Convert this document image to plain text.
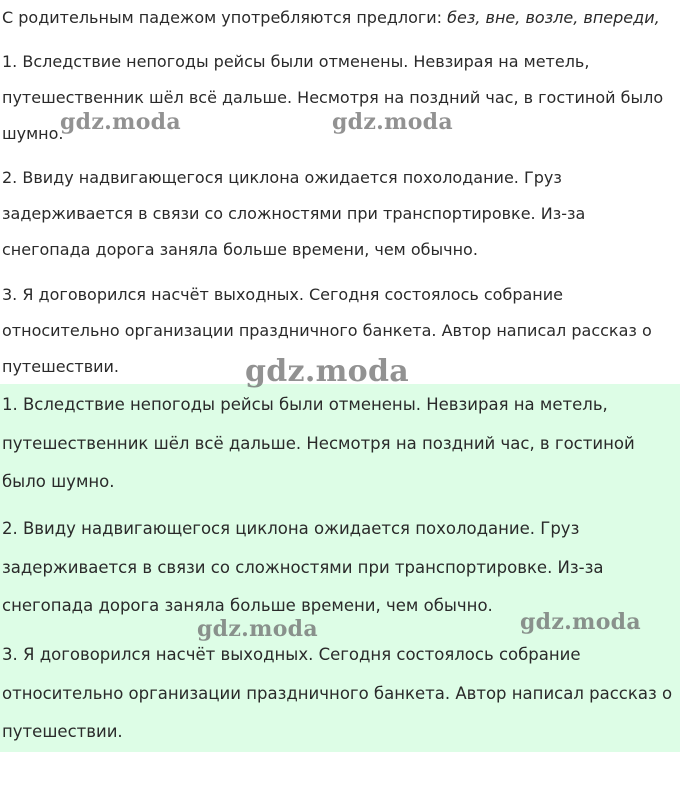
С родительным падежом употребляются предлоги: без, вне, возле, впереди,

1. Вследствие непогоды рейсы были отменены. Невзирая на метель, путешественник шёл всё дальше. Несмотря на поздний час, в гостиной было шумно.

2. Ввиду надвигающегося циклона ожидается похолодание. Груз задерживается в связи со сложностями при транспортировке. Из-за снегопада дорога заняла больше времени, чем обычно.

3. Я договорился насчёт выходных. Сегодня состоялось собрание относительно организации праздничного банкета. Автор написал рассказ о путешествии.

1. Вследствие непогоды рейсы были отменены. Невзирая на метель, путешественник шёл всё дальше. Несмотря на поздний час, в гостиной было шумно.

2. Ввиду надвигающегося циклона ожидается похолодание. Груз задерживается в связи со сложностями при транспортировке. Из-за снегопада дорога заняла больше времени, чем обычно.

3. Я договорился насчёт выходных. Сегодня состоялось собрание относительно организации праздничного банкета. Автор написал рассказ о путешествии.

gdz.moda	gdz.moda
gdz.moda
gdz.moda	gdz.moda
